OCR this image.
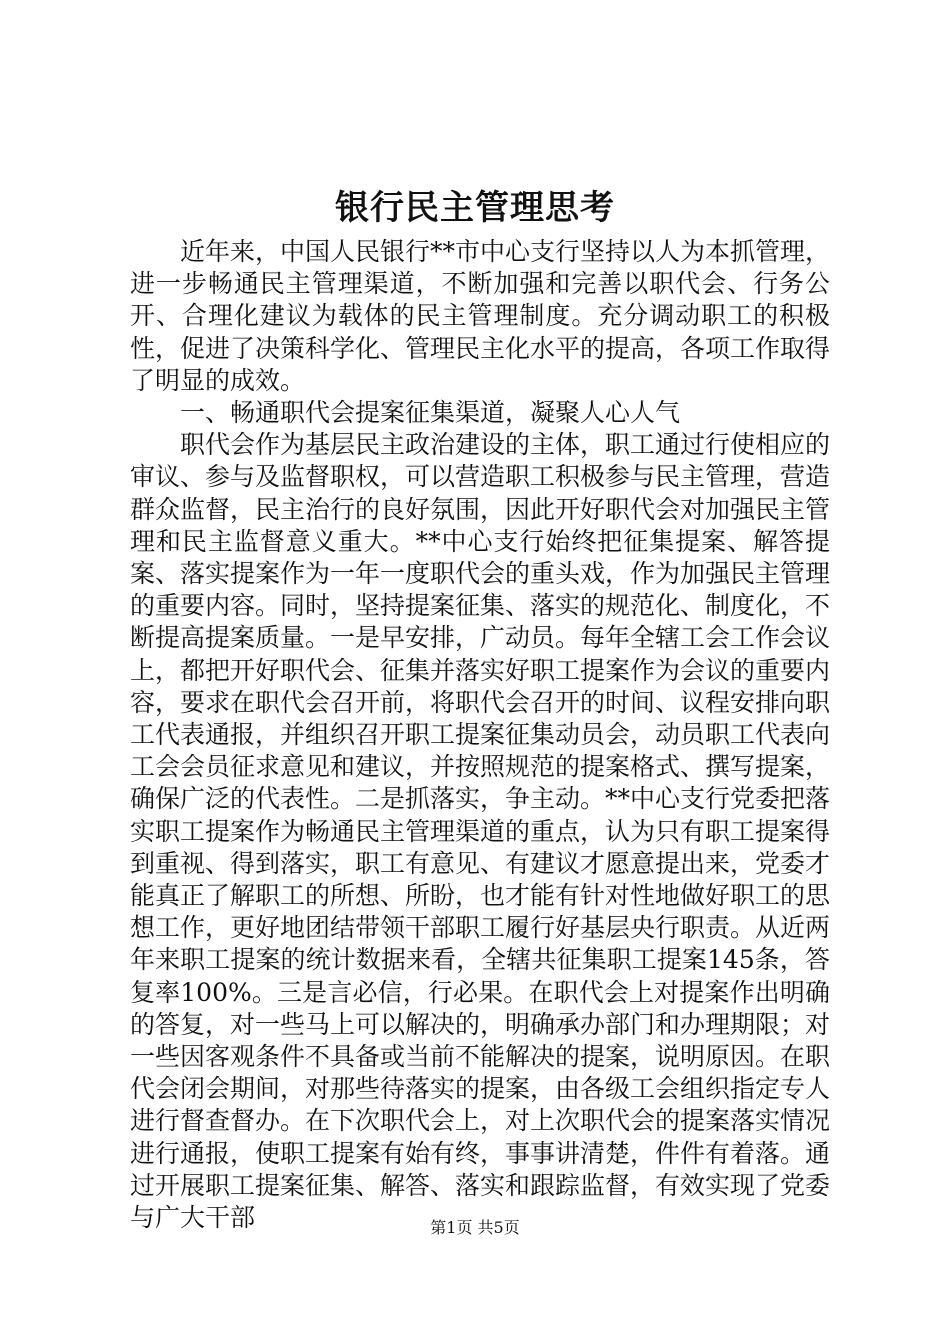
银行民主管理思考

近年来，中国人民银行**市中心支行坚持以人为本抓管理，进一步畅通民主管理渠道，不断加强和完善以职代会、行务公开、合理化建议为载体的民主管理制度。充分调动职工的积极性，促进了决策科学化、管理民主化水平的提高，各项工作取得了明显的成效。

一、畅通职代会提案征集渠道，凝聚人心人气

职代会作为基层民主政治建设的主体，职工通过行使相应的审议、参与及监督职权，可以营造职工积极参与民主管理，营造群众监督，民主治行的良好氛围，因此开好职代会对加强民主管理和民主监督意义重大。**中心支行始终把征集提案、解答提案、落实提案作为一年一度职代会的重头戏，作为加强民主管理的重要内容。同时，坚持提案征集、落实的规范化、制度化，不断提高提案质量。一是早安排，广动员。每年全辖工会工作会议上，都把开好职代会、征集并落实好职工提案作为会议的重要内容，要求在职代会召开前，将职代会召开的时间、议程安排向职工代表通报，并组织召开职工提案征集动员会，动员职工代表向工会会员征求意见和建议，并按照规范的提案格式、撰写提案，确保广泛的代表性。二是抓落实，争主动。**中心支行党委把落实职工提案作为畅通民主管理渠道的重点，认为只有职工提案得到重视、得到落实，职工有意见、有建议才愿意提出来，党委才能真正了解职工的所想、所盼，也才能有针对性地做好职工的思想工作，更好地团结带领干部职工履行好基层央行职责。从近两年来职工提案的统计数据来看，全辖共征集职工提案145条，答复率100%。三是言必信，行必果。在职代会上对提案作出明确的答复，对一些马上可以解决的，明确承办部门和办理期限；对一些因客观条件不具备或当前不能解决的提案，说明原因。在职代会闭会期间，对那些待落实的提案，由各级工会组织指定专人进行督查督办。在下次职代会上，对上次职代会的提案落实情况进行通报，使职工提案有始有终，事事讲清楚，件件有着落。通过开展职工提案征集、解答、落实和跟踪监督，有效实现了党委与广大干部	第1页 共5页
